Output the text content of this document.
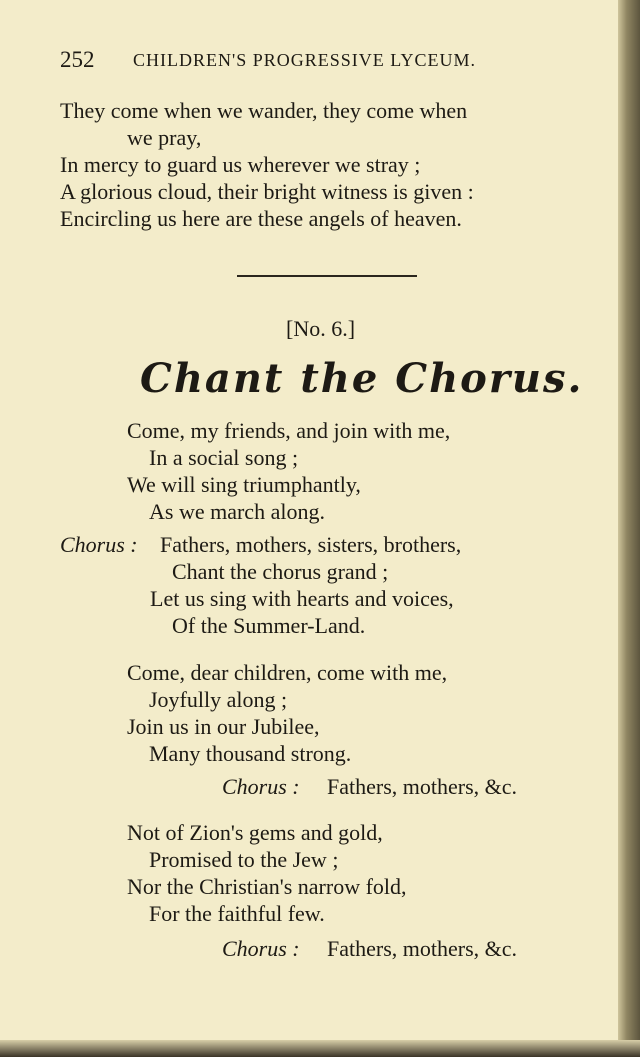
252 CHILDREN'S PROGRESSIVE LYCEUM.
They come when we wander, they come when
we pray,
In mercy to guard us wherever we stray ;
A glorious cloud, their bright witness is given :
Encircling us here are these angels of heaven.
[No. 6.]
Chant the Chorus.
Come, my friends, and join with me,
In a social song ;
We will sing triumphantly,
As we march along.
Chorus : Fathers, mothers, sisters, brothers,
Chant the chorus grand ;
Let us sing with hearts and voices,
Of the Summer-Land.
Come, dear children, come with me,
Joyfully along ;
Join us in our Jubilee,
Many thousand strong.
Chorus : Fathers, mothers, &c.
Not of Zion's gems and gold,
Promised to the Jew ;
Nor the Christian's narrow fold,
For the faithful few.
Chorus : Fathers, mothers, &c.
